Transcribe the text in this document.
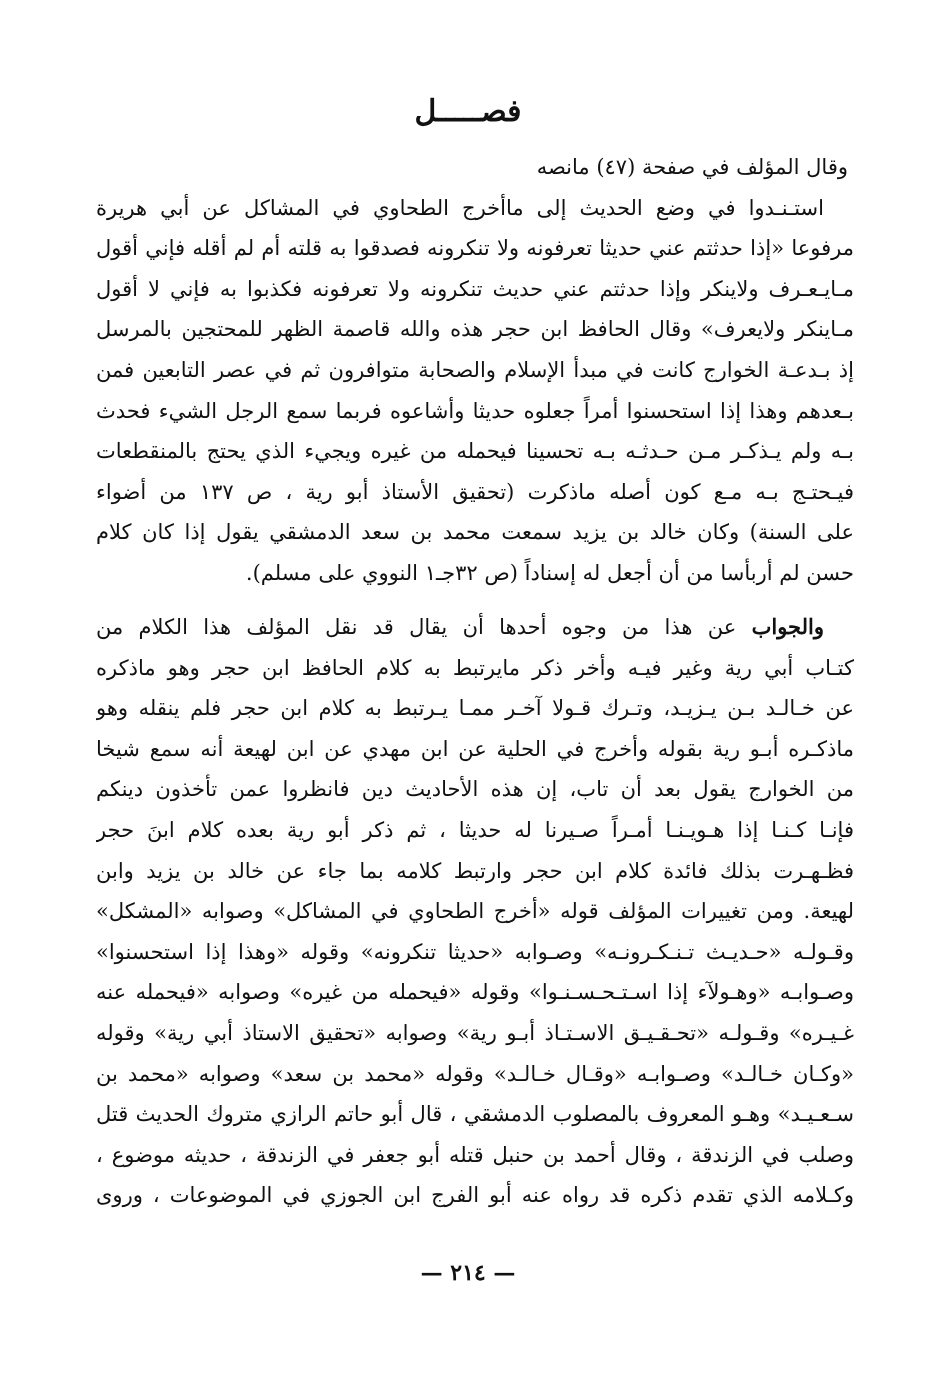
فصـــــل
وقال المؤلف في صفحة (٤٧) مانصه
استـنـدوا في وضع الحديث إلى ماأخرج الطحاوي في المشاكل عن أبي هريرة
مرفوعا «إذا حدثتم عني حديثا تعرفونه ولا تنكرونه فصدقوا به قلته أم لم أقله فإني أقول
مـايـعـرف ولاينكر وإذا حدثتم عني حديث تنكرونه ولا تعرفونه فكذبوا به فإني لا أقول
مـاينكر ولايعرف» وقال الحافظ ابن حجر هذه والله قاصمة الظهر للمحتجين بالمرسل
إذ بـدعـة الخوارج كانت في مبدأ الإسلام والصحابة متوافرون ثم في عصر التابعين فمن
بـعدهم وهذا إذا استحسنوا أمراً جعلوه حديثا وأشاعوه فربما سمع الرجل الشيء فحدث
بـه ولم يـذكـر مـن حـدثـه بـه تحسينا فيحمله من غيره ويجيء الذي يحتج بالمنقطعات
فيـحتـج بـه مـع كون أصله ماذكرت (تحقيق الأستاذ أبو رية ، ص ١٣٧ من أضواء
على السنة) وكان خالد بن يزيد سمعت محمد بن سعد الدمشقي يقول إذا كان كلام
حسن لم أربأسا من أن أجعل له إسناداً (ص ٣٢جـ١ النووي على مسلم).
والجواب عن هذا من وجوه أحدها أن يقال قد نقل المؤلف هذا الكلام من
كتـاب أبي رية وغير فيـه وأخر ذكر مايرتبط به كلام الحافظ ابن حجر وهو ماذكره
عن خـالـد بـن يـزيـد، وتـرك قـولا آخـر ممـا يـرتبط به كلام ابن حجر فلم ينقله وهو
ماذكـره أبـو رية بقوله وأخرج في الحلية عن ابن مهدي عن ابن لهيعة أنه سمع شيخا
من الخوارج يقول بعد أن تاب، إن هذه الأحاديث دين فانظروا عمن تأخذون دينكم
فإنـا كـنـا إذا هـويـنـا أمـراً صـيرنا له حديثا ، ثم ذكر أبو رية بعده كلام ابنَ حجر
فظـهـرت بذلك فائدة كلام ابن حجر وارتبط كلامه بما جاء عن خالد بن يزيد وابن
لهيعة. ومن تغييرات المؤلف قوله «أخرج الطحاوي في المشاكل» وصوابه «المشكل»
وقـولـه «حـديـث تـنـكـرونـه» وصـوابه «حديثا تنكرونه» وقوله «وهذا إذا استحسنوا»
وصـوابـه «وهـولآء إذا اسـتـحـسـنـوا» وقوله «فيحمله من غيره» وصوابه «فيحمله عنه
غـيـره» وقـولـه «تحـقـيـق الاسـتـاذ أبـو رية» وصوابه «تحقيق الاستاذ أبي رية» وقوله
«وكـان خـالـد» وصـوابـه «وقـال خـالـد» وقوله «محمد بن سعد» وصوابه «محمد بن
سـعـيـد» وهـو المعروف بالمصلوب الدمشقي ، قال أبو حاتم الرازي متروك الحديث قتل
وصلب في الزندقة ، وقال أحمد بن حنبل قتله أبو جعفر في الزندقة ، حديثه موضوع ،
وكـلامه الذي تقدم ذكره قد رواه عنه أبو الفرج ابن الجوزي في الموضوعات ، وروى
— ٢١٤ —
